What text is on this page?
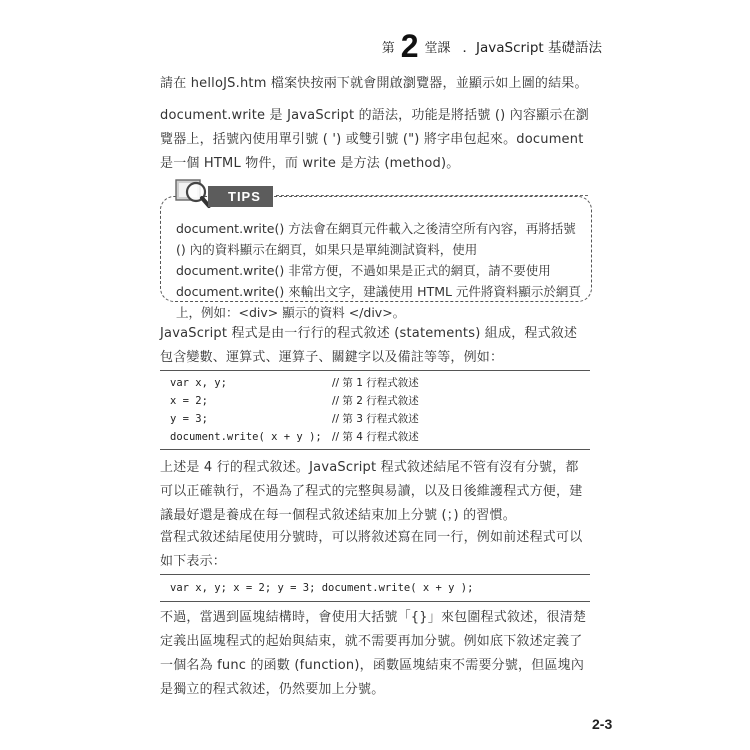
第 2 堂課 ．JavaScript 基礎語法
請在 helloJS.htm 檔案快按兩下就會開啟瀏覽器，並顯示如上圖的結果。
document.write 是 JavaScript 的語法，功能是將括號 () 內容顯示在瀏覽器上，括號內使用單引號 ( ') 或雙引號 (") 將字串包起來。document 是一個 HTML 物件，而 write 是方法 (method)。
TIPS
document.write() 方法會在網頁元件載入之後清空所有內容，再將括號 () 內的資料顯示在網頁，如果只是單純測試資料，使用 document.write() 非常方便，不過如果是正式的網頁，請不要使用 document.write() 來輸出文字，建議使用 HTML 元件將資料顯示於網頁上，例如：<div> 顯示的資料 </div>。
JavaScript 程式是由一行行的程式敘述 (statements) 組成，程式敘述包含變數、運算式、運算子、關鍵字以及備註等等，例如：
var x, y;	// 第 1 行程式敘述
x = 2;	// 第 2 行程式敘述
y = 3;	// 第 3 行程式敘述
document.write( x + y ); // 第 4 行程式敘述
上述是 4 行的程式敘述。JavaScript 程式敘述結尾不管有沒有分號，都可以正確執行，不過為了程式的完整與易讀，以及日後維護程式方便，建議最好還是養成在每一個程式敘述結束加上分號 (；) 的習慣。
當程式敘述結尾使用分號時，可以將敘述寫在同一行，例如前述程式可以如下表示：
var x, y; x = 2; y = 3; document.write( x + y );
不過，當遇到區塊結構時，會使用大括號「{}」來包圍程式敘述，很清楚定義出區塊程式的起始與結束，就不需要再加分號。例如底下敘述定義了一個名為 func 的函數 (function)，函數區塊結束不需要分號，但區塊內是獨立的程式敘述，仍然要加上分號。
2-3
